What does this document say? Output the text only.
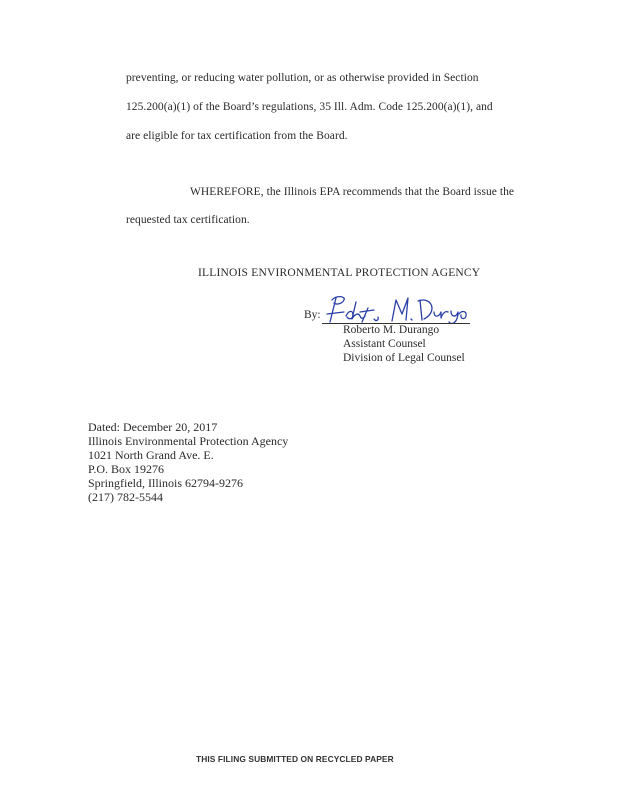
preventing, or reducing water pollution, or as otherwise provided in Section
125.200(a)(1) of the Board’s regulations, 35 Ill. Adm. Code 125.200(a)(1), and
are eligible for tax certification from the Board.
WHEREFORE, the Illinois EPA recommends that the Board issue the
requested tax certification.
ILLINOIS ENVIRONMENTAL PROTECTION AGENCY
By:
Roberto M. Durango
Assistant Counsel
Division of Legal Counsel
Dated: December 20, 2017
Illinois Environmental Protection Agency
1021 North Grand Ave. E.
P.O. Box 19276
Springfield, Illinois 62794-9276
(217) 782-5544
THIS FILING SUBMITTED ON RECYCLED PAPER
